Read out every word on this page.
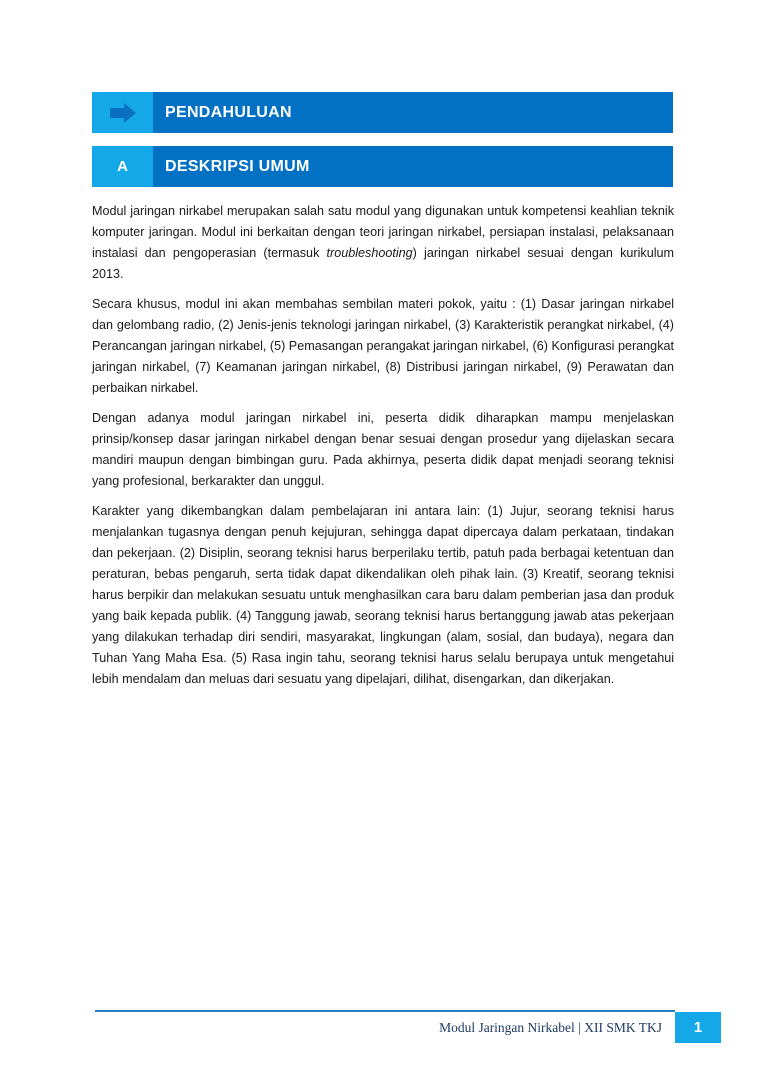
PENDAHULUAN
A	DESKRIPSI UMUM

Modul jaringan nirkabel merupakan salah satu modul yang digunakan untuk kompetensi keahlian teknik komputer jaringan. Modul ini berkaitan dengan teori jaringan nirkabel, persiapan instalasi, pelaksanaan instalasi dan pengoperasian (termasuk troubleshooting) jaringan nirkabel sesuai dengan kurikulum 2013.

Secara khusus, modul ini akan membahas sembilan materi pokok, yaitu : (1) Dasar jaringan nirkabel dan gelombang radio, (2) Jenis-jenis teknologi jaringan nirkabel, (3) Karakteristik perangkat nirkabel, (4) Perancangan jaringan nirkabel, (5) Pemasangan perangakat jaringan nirkabel, (6) Konfigurasi perangkat jaringan nirkabel, (7) Keamanan jaringan nirkabel, (8) Distribusi jaringan nirkabel, (9) Perawatan dan perbaikan nirkabel.

Dengan adanya modul jaringan nirkabel ini, peserta didik diharapkan mampu menjelaskan prinsip/konsep dasar jaringan nirkabel dengan benar sesuai dengan prosedur yang dijelaskan secara mandiri maupun dengan bimbingan guru. Pada akhirnya, peserta didik dapat menjadi seorang teknisi yang profesional, berkarakter dan unggul.

Karakter yang dikembangkan dalam pembelajaran ini antara lain: (1) Jujur, seorang teknisi harus menjalankan tugasnya dengan penuh kejujuran, sehingga dapat dipercaya dalam perkataan, tindakan dan pekerjaan. (2) Disiplin, seorang teknisi harus berperilaku tertib, patuh pada berbagai ketentuan dan peraturan, bebas pengaruh, serta tidak dapat dikendalikan oleh pihak lain. (3) Kreatif, seorang teknisi harus berpikir dan melakukan sesuatu untuk menghasilkan cara baru dalam pemberian jasa dan produk yang baik kepada publik. (4) Tanggung jawab, seorang teknisi harus bertanggung jawab atas pekerjaan yang dilakukan terhadap diri sendiri, masyarakat, lingkungan (alam, sosial, dan budaya), negara dan Tuhan Yang Maha Esa. (5) Rasa ingin tahu, seorang teknisi harus selalu berupaya untuk mengetahui lebih mendalam dan meluas dari sesuatu yang dipelajari, dilihat, disengarkan, dan dikerjakan.

Modul Jaringan Nirkabel | XII SMK TKJ	1
